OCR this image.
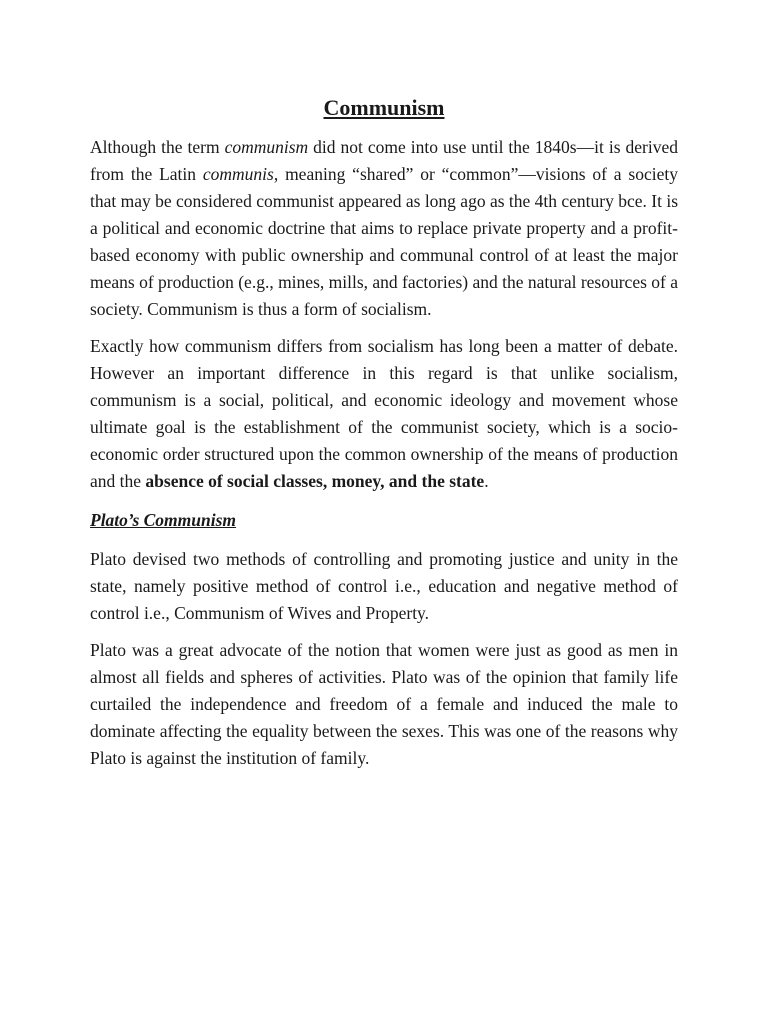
Communism

Although the term communism did not come into use until the 1840s—it is derived from the Latin communis, meaning “shared” or “common”—visions of a society that may be considered communist appeared as long ago as the 4th century bce. It is a political and economic doctrine that aims to replace private property and a profit-based economy with public ownership and communal control of at least the major means of production (e.g., mines, mills, and factories) and the natural resources of a society. Communism is thus a form of socialism.

Exactly how communism differs from socialism has long been a matter of debate. However an important difference in this regard is that unlike socialism, communism is a social, political, and economic ideology and movement whose ultimate goal is the establishment of the communist society, which is a socio-economic order structured upon the common ownership of the means of production and the absence of social classes, money, and the state.

Plato’s Communism

Plato devised two methods of controlling and promoting justice and unity in the state, namely positive method of control i.e., education and negative method of control i.e., Communism of Wives and Property.

Plato was a great advocate of the notion that women were just as good as men in almost all fields and spheres of activities. Plato was of the opinion that family life curtailed the independence and freedom of a female and induced the male to dominate affecting the equality between the sexes. This was one of the reasons why Plato is against the institution of family.
